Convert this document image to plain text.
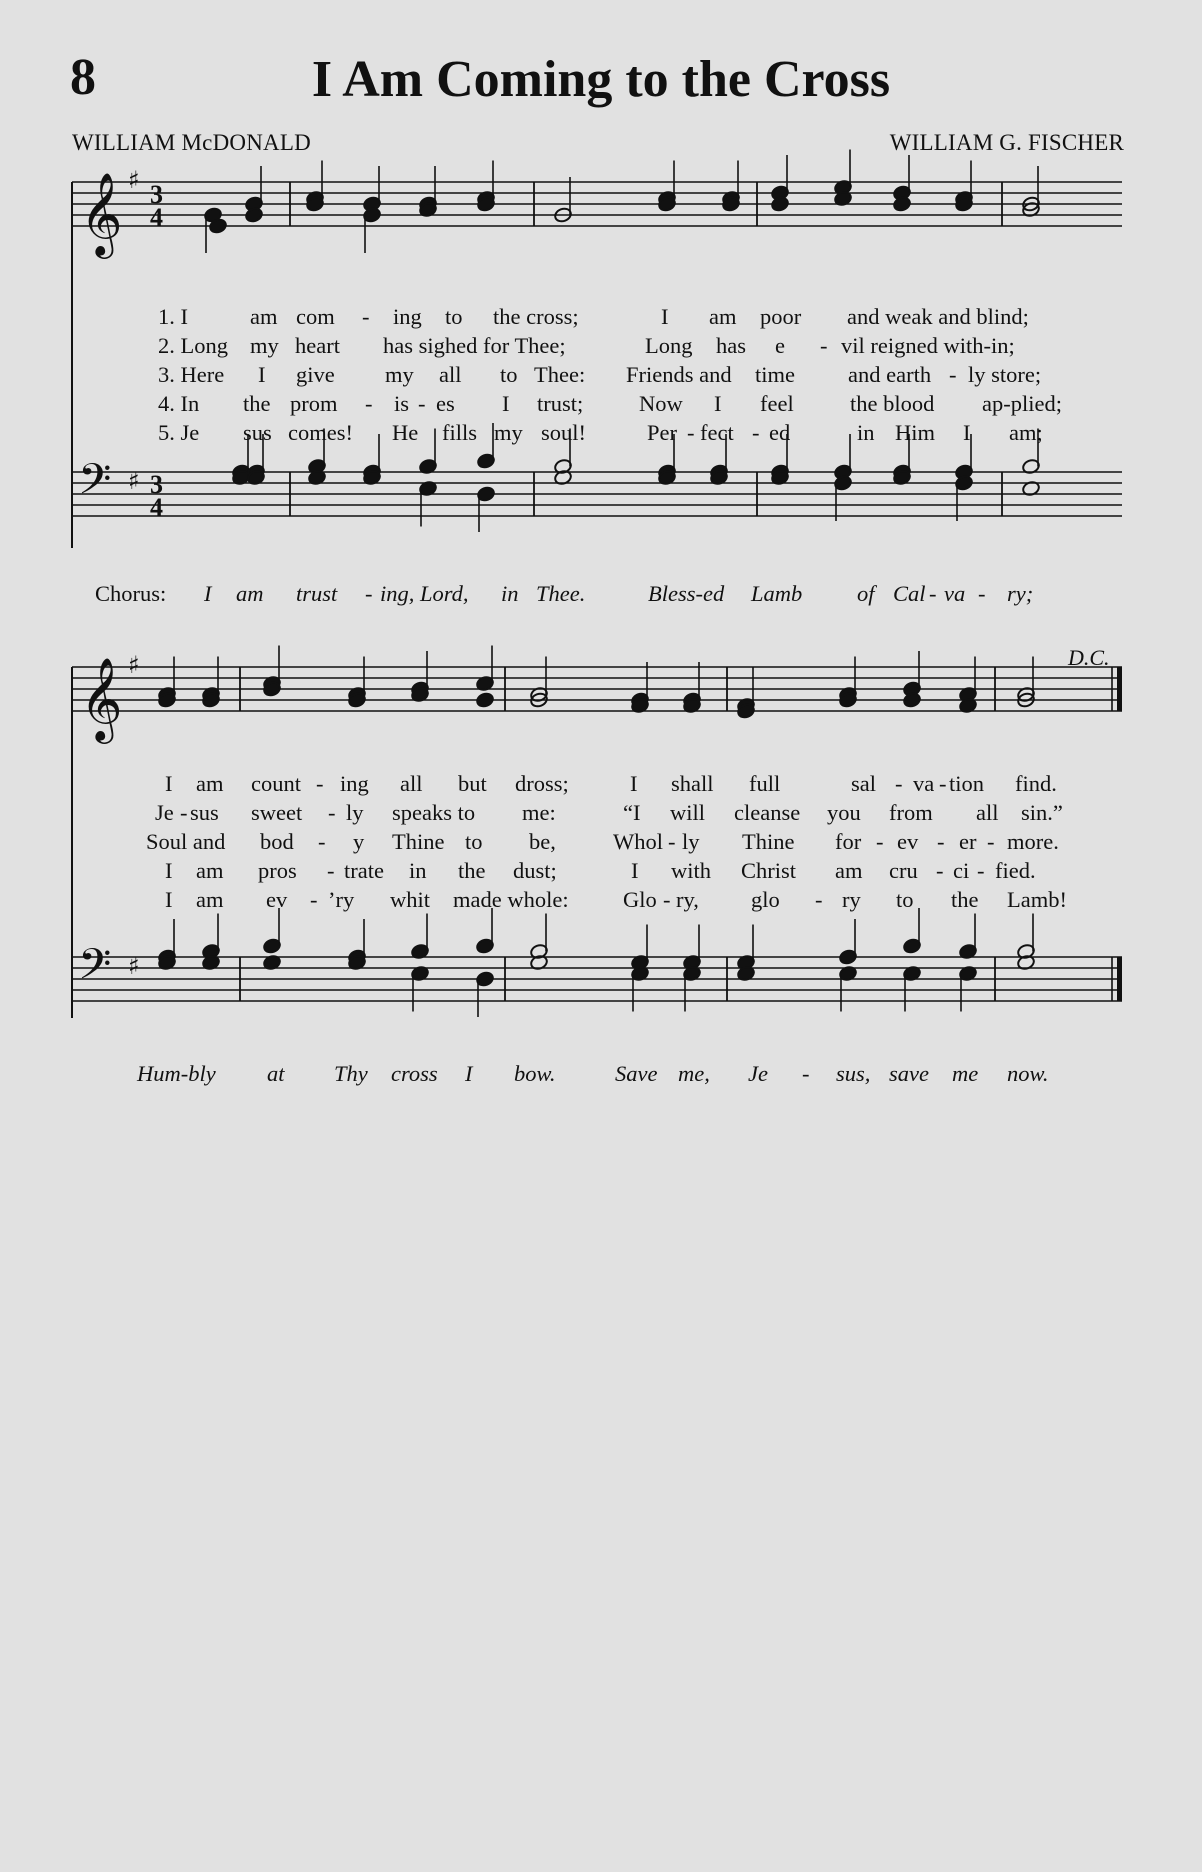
8	I Am Coming to the Cross
WILLIAM McDONALD	WILLIAM G. FISCHER
D.C.
𝄞 ♯ 3
4
𝄢 ♯ 3
4
𝄞 ♯
𝄢 ♯
1. I	am com - ing to the cross;	I am poor and weak and blind;
2. Long my heart has sighed for Thee;	Long has e - vil reigned with-in;
3. Here I give my all to Thee: Friends and time and earth - ly store;
4. In the prom - is - es I trust; Now I feel	the blood ap-plied;
5. Je sus comes! He fills my soul!	Per - fect - ed	in Him I am;
Chorus: I am trust - ing, Lord, in Thee.	Bless-ed Lamb of Cal - va - ry;
I am count - ing all but dross;	I shall full	sal - va - tion find.
Je - sus sweet - ly speaks to me:	“I will cleanse you from all sin.”
Soul and bod - y Thine to be,	Whol - ly Thine for - ev - er - more.
I am pros - trate in the dust;	I with Christ am cru - ci - fied.
I am ev - ’ry whit made whole: Glo - ry, glo - ry to the Lamb!
Hum-bly at Thy cross I bow.	Save me, Je - sus, save me now.
